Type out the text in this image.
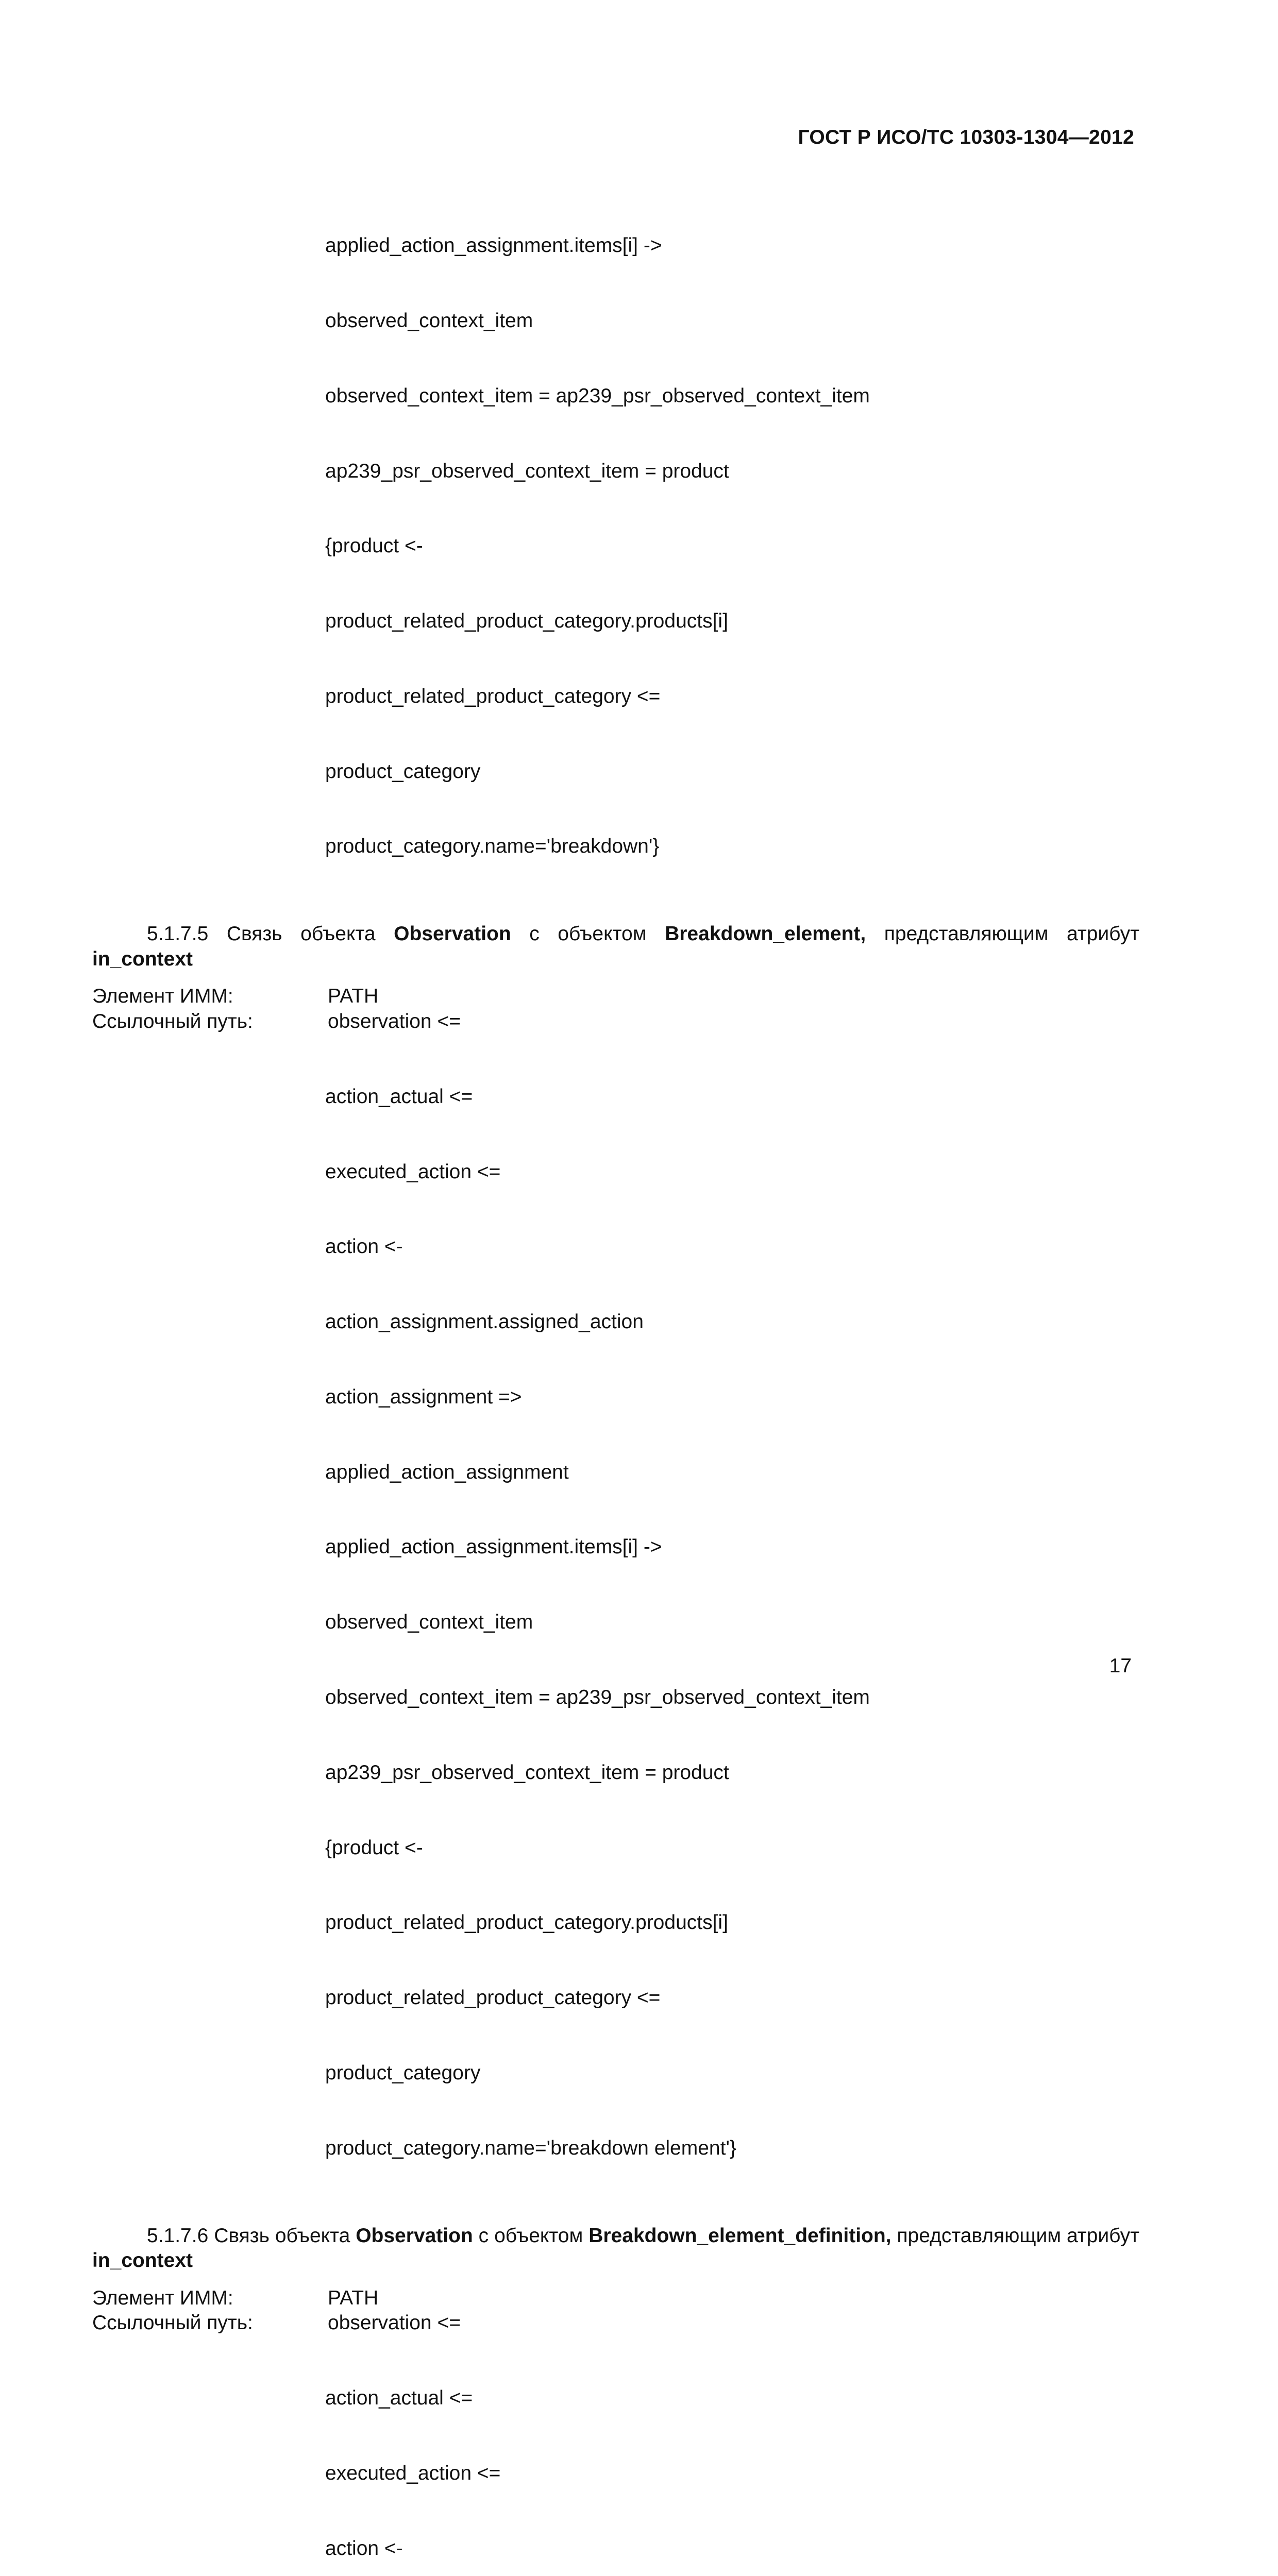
ГОСТ Р ИСО/ТС 10303-1304—2012

applied_action_assignment.items[i] ->

observed_context_item

observed_context_item = ap239_psr_observed_context_item

ap239_psr_observed_context_item = product

{product <-

product_related_product_category.products[i]

product_related_product_category <=

product_category

product_category.name='breakdown'}

5.1.7.5 Связь объекта Observation с объектом Breakdown_element, представляющим атрибут in_context
Элемент ИММ:	PATH
Ссылочный путь:	observation <=

action_actual <=

executed_action <=

action <-

action_assignment.assigned_action

action_assignment =>

applied_action_assignment

applied_action_assignment.items[i] ->

observed_context_item

observed_context_item = ap239_psr_observed_context_item

ap239_psr_observed_context_item = product

{product <-

product_related_product_category.products[i]

product_related_product_category <=

product_category

product_category.name='breakdown element'}

5.1.7.6 Связь объекта Observation с объектом Breakdown_element_definition, представляющим атрибут in_context
Элемент ИММ:	PATH
Ссылочный путь:	observation <=

action_actual <=

executed_action <=

action <-

17
